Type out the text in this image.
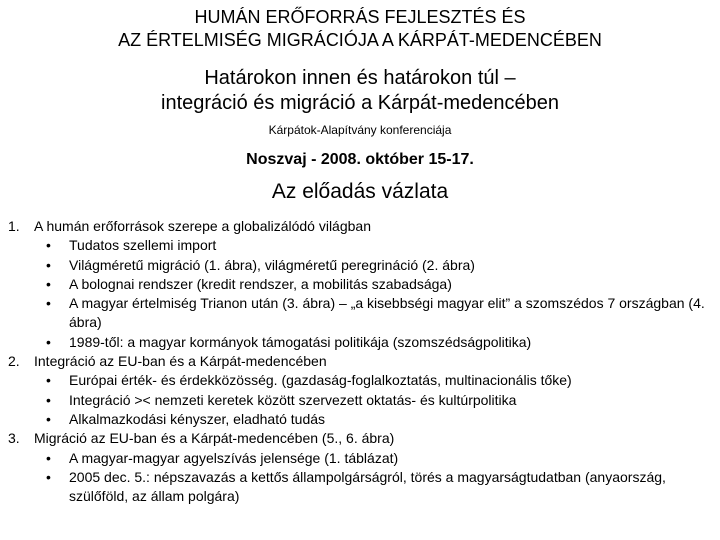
HUMÁN ERŐFORRÁS FEJLESZTÉS ÉS
AZ ÉRTELMISÉG MIGRÁCIÓJA A KÁRPÁT-MEDENCÉBEN
Határokon innen és határokon túl –
integráció és migráció a Kárpát-medencében
Kárpátok-Alapítvány konferenciája
Noszvaj - 2008. október 15-17.
Az előadás vázlata
1.	A humán erőforrások szerepe a globalizálódó világban
•	Tudatos szellemi import
•	Világméretű migráció (1. ábra), világméretű peregrináció (2. ábra)
•	A bolognai rendszer (kredit rendszer, a mobilitás szabadsága)
•	A magyar értelmiség Trianon után (3. ábra) – „a kisebbségi magyar elit” a szomszédos 7 országban (4. ábra)
•	1989-től: a magyar kormányok támogatási politikája (szomszédságpolitika)
2.	Integráció az EU-ban és a Kárpát-medencében
•	Európai érték- és érdekközösség. (gazdaság-foglalkoztatás, multinacionális tőke)
•	Integráció >< nemzeti keretek között szervezett oktatás- és kultúrpolitika
•	Alkalmazkodási kényszer, eladható tudás
3.	Migráció az EU-ban és a Kárpát-medencében (5., 6. ábra)
•	A magyar-magyar agyelszívás jelensége (1. táblázat)
•	2005 dec. 5.: népszavazás a kettős állampolgárságról, törés a magyarságtudatban (anyaország, szülőföld, az állam polgára)
